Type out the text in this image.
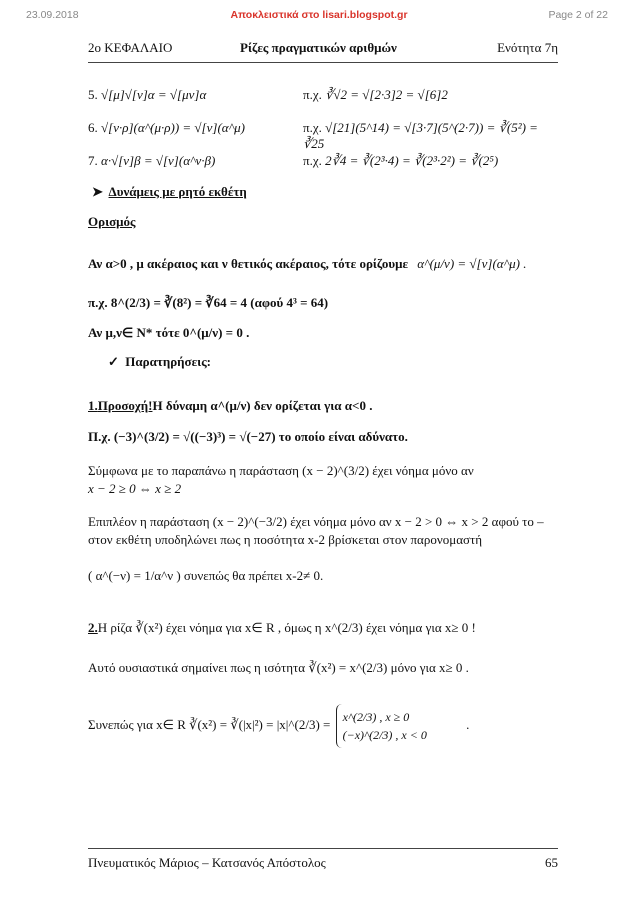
23.09.2018	Αποκλειστικά στο lisari.blogspot.gr	Page 2 of 22
2ο ΚΕΦΑΛΑΙΟ	Ρίζες πραγματικών αριθμών	Ενότητα 7η
5. √[μ]√[ν]α = √[μν]α	π.χ. ∛√2 = √[2·3]2 = √[6]2
6. √[ν·ρ](α^(μ·ρ)) = √[ν](α^μ)	π.χ. √[21](5^14) = √[3·7](5^(2·7)) = ∛(5²) = ∛25
7. α·√[ν]β = √[ν](α^ν·β)	π.χ. 2∛4 = ∛(2³·4) = ∛(2³·2²) = ∛(2⁵)
➤ Δυνάμεις με ρητό εκθέτη
Ορισμός
Αν α>0 , μ ακέραιος και ν θετικός ακέραιος, τότε ορίζουμε α^(μ/ν) = √[ν](α^μ) .
π.χ. 8^(2/3) = ∛(8²) = ∛64 = 4 (αφού 4³ = 64)
Αν μ,ν∈ N* τότε 0^(μ/ν) = 0 .
✓ Παρατηρήσεις:
1.Προσοχή!Η δύναμη α^(μ/ν) δεν ορίζεται για α<0 .
Π.χ. (−3)^(3/2) = √((−3)³) = √(−27) το οποίο είναι αδύνατο.
Σύμφωνα με το παραπάνω η παράσταση (x − 2)^(3/2) έχει νόημα μόνο αν
x − 2 ≥ 0 ⇔ x ≥ 2
Επιπλέον η παράσταση (x − 2)^(−3/2) έχει νόημα μόνο αν x − 2 > 0 ⇔ x > 2 αφού το –
στον εκθέτη υποδηλώνει πως η ποσότητα x-2 βρίσκεται στον παρονομαστή
( α^(−ν) = 1/α^ν ) συνεπώς θα πρέπει x-2≠ 0.
2.Η ρίζα ∛(x²) έχει νόημα για x∈ R , όμως η x^(2/3) έχει νόημα για x≥ 0 !
Αυτό ουσιαστικά σημαίνει πως η ισότητα ∛(x²) = x^(2/3) μόνο για x≥ 0 .
Συνεπώς για x∈ R ∛(x²) = ∛(|x|²) = |x|^(2/3) = x^(2/3) , x ≥ 0
(−x)^(2/3) , x < 0 .
Πνευματικός Μάριος – Κατσανός Απόστολος	65
